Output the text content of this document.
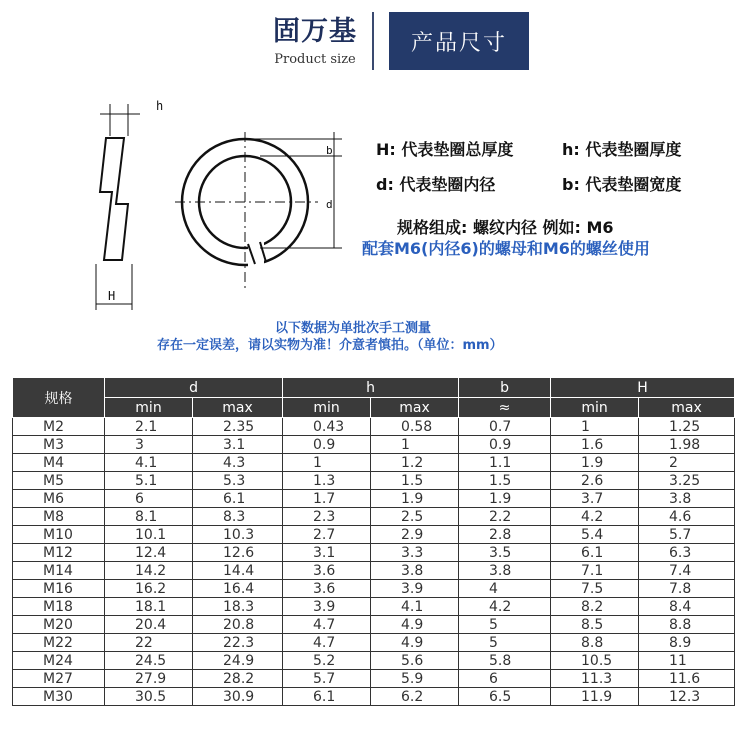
固万基
Product size
产品尺寸
h
H
b
d
H: 代表垫圈总厚度	h: 代表垫圈厚度
d: 代表垫圈内径	b: 代表垫圈宽度
规格组成: 螺纹内径 例如: M6
配套M6(内径6)的螺母和M6的螺丝使用
以下数据为单批次手工测量
存在一定误差，请以实物为准！介意者慎拍。（单位：mm）
规格	d		h		b	H	
	min	max	min	max	≈	min	max
M2	2.1	2.35	0.43	0.58	0.7	1	1.25
M3	3	3.1	0.9	1	0.9	1.6	1.98
M4	4.1	4.3	1	1.2	1.1	1.9	2
M5	5.1	5.3	1.3	1.5	1.5	2.6	3.25
M6	6	6.1	1.7	1.9	1.9	3.7	3.8
M8	8.1	8.3	2.3	2.5	2.2	4.2	4.6
M10	10.1	10.3	2.7	2.9	2.8	5.4	5.7
M12	12.4	12.6	3.1	3.3	3.5	6.1	6.3
M14	14.2	14.4	3.6	3.8	3.8	7.1	7.4
M16	16.2	16.4	3.6	3.9	4	7.5	7.8
M18	18.1	18.3	3.9	4.1	4.2	8.2	8.4
M20	20.4	20.8	4.7	4.9	5	8.5	8.8
M22	22	22.3	4.7	4.9	5	8.8	8.9
M24	24.5	24.9	5.2	5.6	5.8	10.5	11
M27	27.9	28.2	5.7	5.9	6	11.3	11.6
M30	30.5	30.9	6.1	6.2	6.5	11.9	12.3
